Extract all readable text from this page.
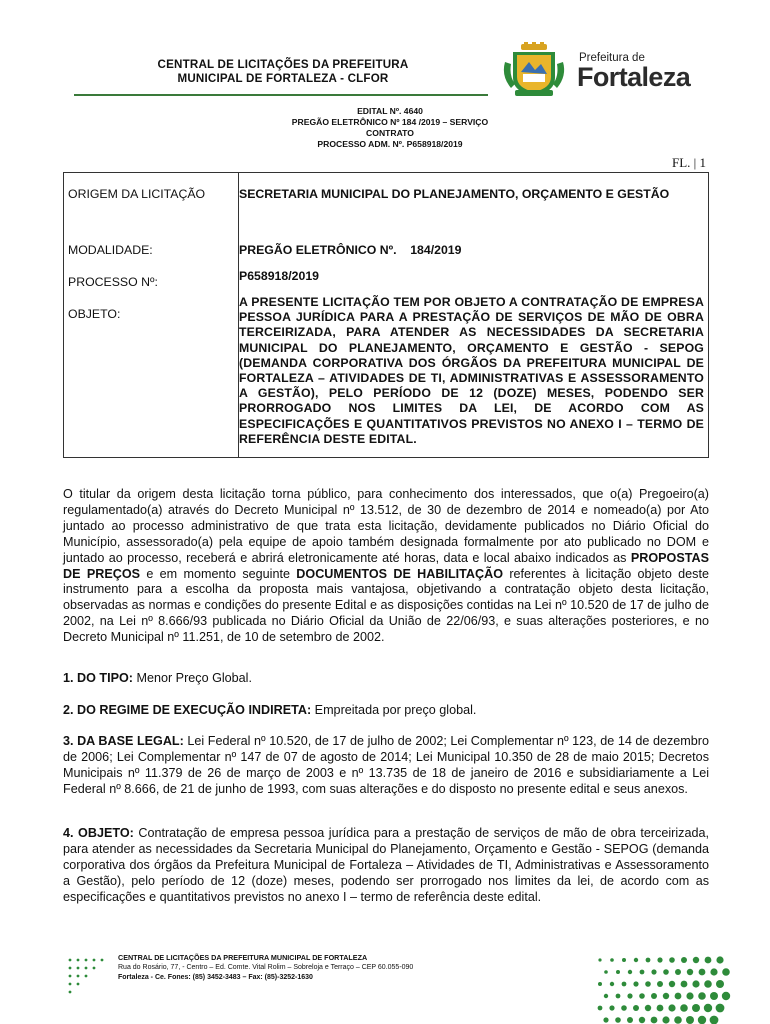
CENTRAL DE LICITAÇÕES DA PREFEITURA
MUNICIPAL DE FORTALEZA - CLFOR
Prefeitura de
Fortaleza
EDITAL Nº. 4640
PREGÃO ELETRÔNICO Nº 184 /2019 – SERVIÇO
CONTRATO
PROCESSO ADM. Nº. P658918/2019
FL. | 1
ORIGEM DA LICITAÇÃO	SECRETARIA MUNICIPAL DO PLANEJAMENTO, ORÇAMENTO E GESTÃO
MODALIDADE:	PREGÃO ELETRÔNICO Nº.    184/2019
PROCESSO Nº:	P658918/2019
OBJETO:	A PRESENTE LICITAÇÃO TEM POR OBJETO A CONTRATAÇÃO DE EMPRESA PESSOA JURÍDICA PARA A PRESTAÇÃO DE SERVIÇOS DE MÃO DE OBRA TERCEIRIZADA, PARA ATENDER AS NECESSIDADES DA SECRETARIA MUNICIPAL DO PLANEJAMENTO, ORÇAMENTO E GESTÃO - SEPOG (DEMANDA CORPORATIVA DOS ÓRGÃOS DA PREFEITURA MUNICIPAL DE FORTALEZA – ATIVIDADES DE TI, ADMINISTRATIVAS E ASSESSORAMENTO A GESTÃO), PELO PERÍODO DE 12 (DOZE) MESES, PODENDO SER PRORROGADO NOS LIMITES DA LEI, DE ACORDO COM AS ESPECIFICAÇÕES E QUANTITATIVOS PREVISTOS NO ANEXO I – TERMO DE REFERÊNCIA DESTE EDITAL.

O titular da origem desta licitação torna público, para conhecimento dos interessados, que o(a) Pregoeiro(a) regulamentado(a) através do Decreto Municipal nº 13.512, de 30 de dezembro de 2014 e nomeado(a) por Ato juntado ao processo administrativo de que trata esta licitação, devidamente publicados no Diário Oficial do Município, assessorado(a) pela equipe de apoio também designada formalmente por ato publicado no DOM e juntado ao processo, receberá e abrirá eletronicamente até horas, data e local abaixo indicados as PROPOSTAS DE PREÇOS e em momento seguinte DOCUMENTOS DE HABILITAÇÃO referentes à licitação objeto deste instrumento para a escolha da proposta mais vantajosa, objetivando a contratação objeto desta licitação, observadas as normas e condições do presente Edital e as disposições contidas na Lei nº 10.520 de 17 de julho de 2002, na Lei nº 8.666/93 publicada no Diário Oficial da União de 22/06/93, e suas alterações posteriores, e no Decreto Municipal nº 11.251, de 10 de setembro de 2002.

1. DO TIPO: Menor Preço Global.

2. DO REGIME DE EXECUÇÃO INDIRETA: Empreitada por preço global.

3. DA BASE LEGAL: Lei Federal nº 10.520, de 17 de julho de 2002; Lei Complementar nº 123, de 14 de dezembro de 2006; Lei Complementar nº 147 de 07 de agosto de 2014; Lei Municipal 10.350 de 28 de maio 2015; Decretos Municipais nº 11.379 de 26 de março de 2003 e nº 13.735 de 18 de janeiro de 2016 e subsidiariamente a Lei Federal nº 8.666, de 21 de junho de 1993, com suas alterações e do disposto no presente edital e seus anexos.

4. OBJETO: Contratação de empresa pessoa jurídica para a prestação de serviços de mão de obra terceirizada, para atender as necessidades da Secretaria Municipal do Planejamento, Orçamento e Gestão - SEPOG (demanda corporativa dos órgãos da Prefeitura Municipal de Fortaleza – Atividades de TI, Administrativas e Assessoramento a Gestão), pelo período de 12 (doze) meses, podendo ser prorrogado nos limites da lei, de acordo com as especificações e quantitativos previstos no anexo I – termo de referência deste edital.

CENTRAL DE LICITAÇÕES DA PREFEITURA MUNICIPAL DE FORTALEZA
Rua do Rosário, 77, - Centro – Ed. Comte. Vital Rolim – Sobreloja e Terraço – CEP 60.055-090
Fortaleza - Ce. Fones: (85) 3452-3483 – Fax: (85)-3252-1630
